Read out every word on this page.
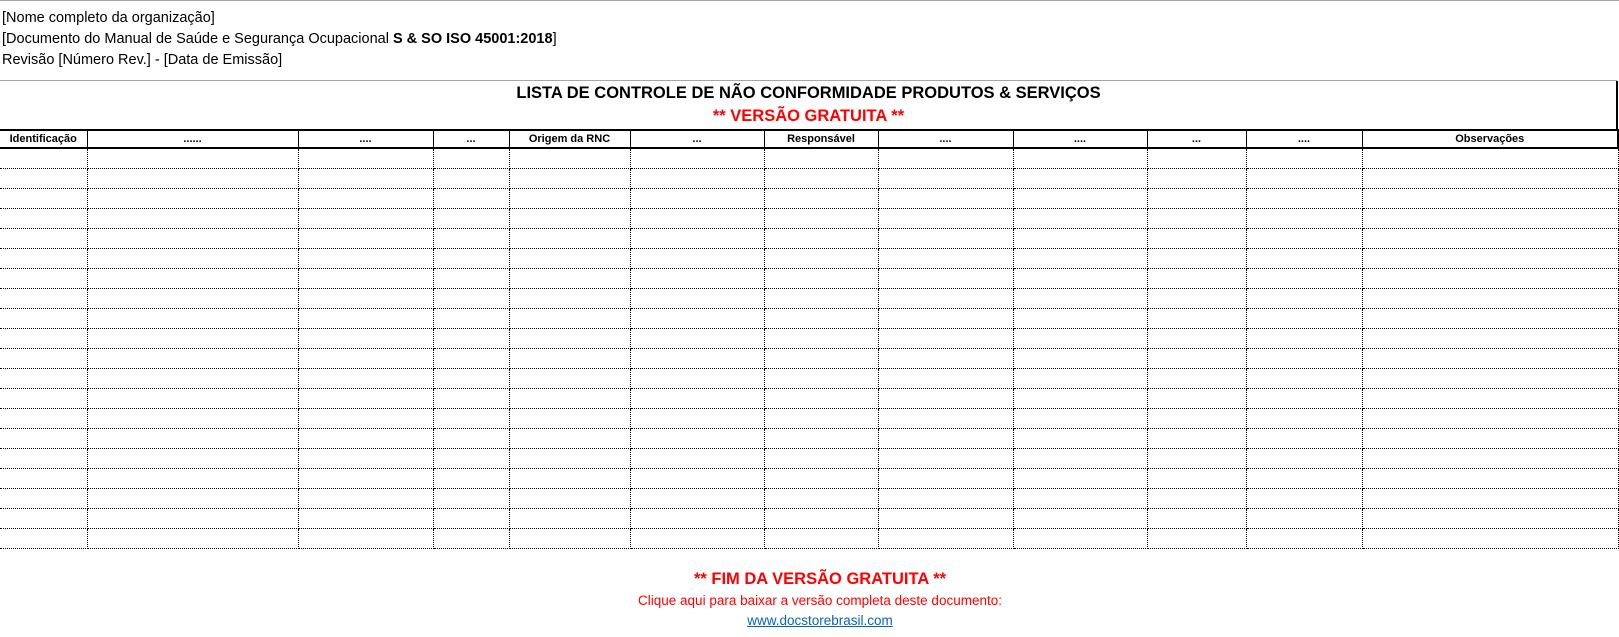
[Nome completo da organização]
[Documento do Manual de Saúde e Segurança Ocupacional S & SO ISO 45001:2018]
Revisão [Número Rev.] - [Data de Emissão]
LISTA DE CONTROLE DE NÃO CONFORMIDADE PRODUTOS & SERVIÇOS
** VERSÃO GRATUITA **
Identificação	......	....	...	Origem da RNC	...	Responsável	....	....	...	....	Observações

** FIM DA VERSÃO GRATUITA **
Clique aqui para baixar a versão completa deste documento:
www.docstorebrasil.com
